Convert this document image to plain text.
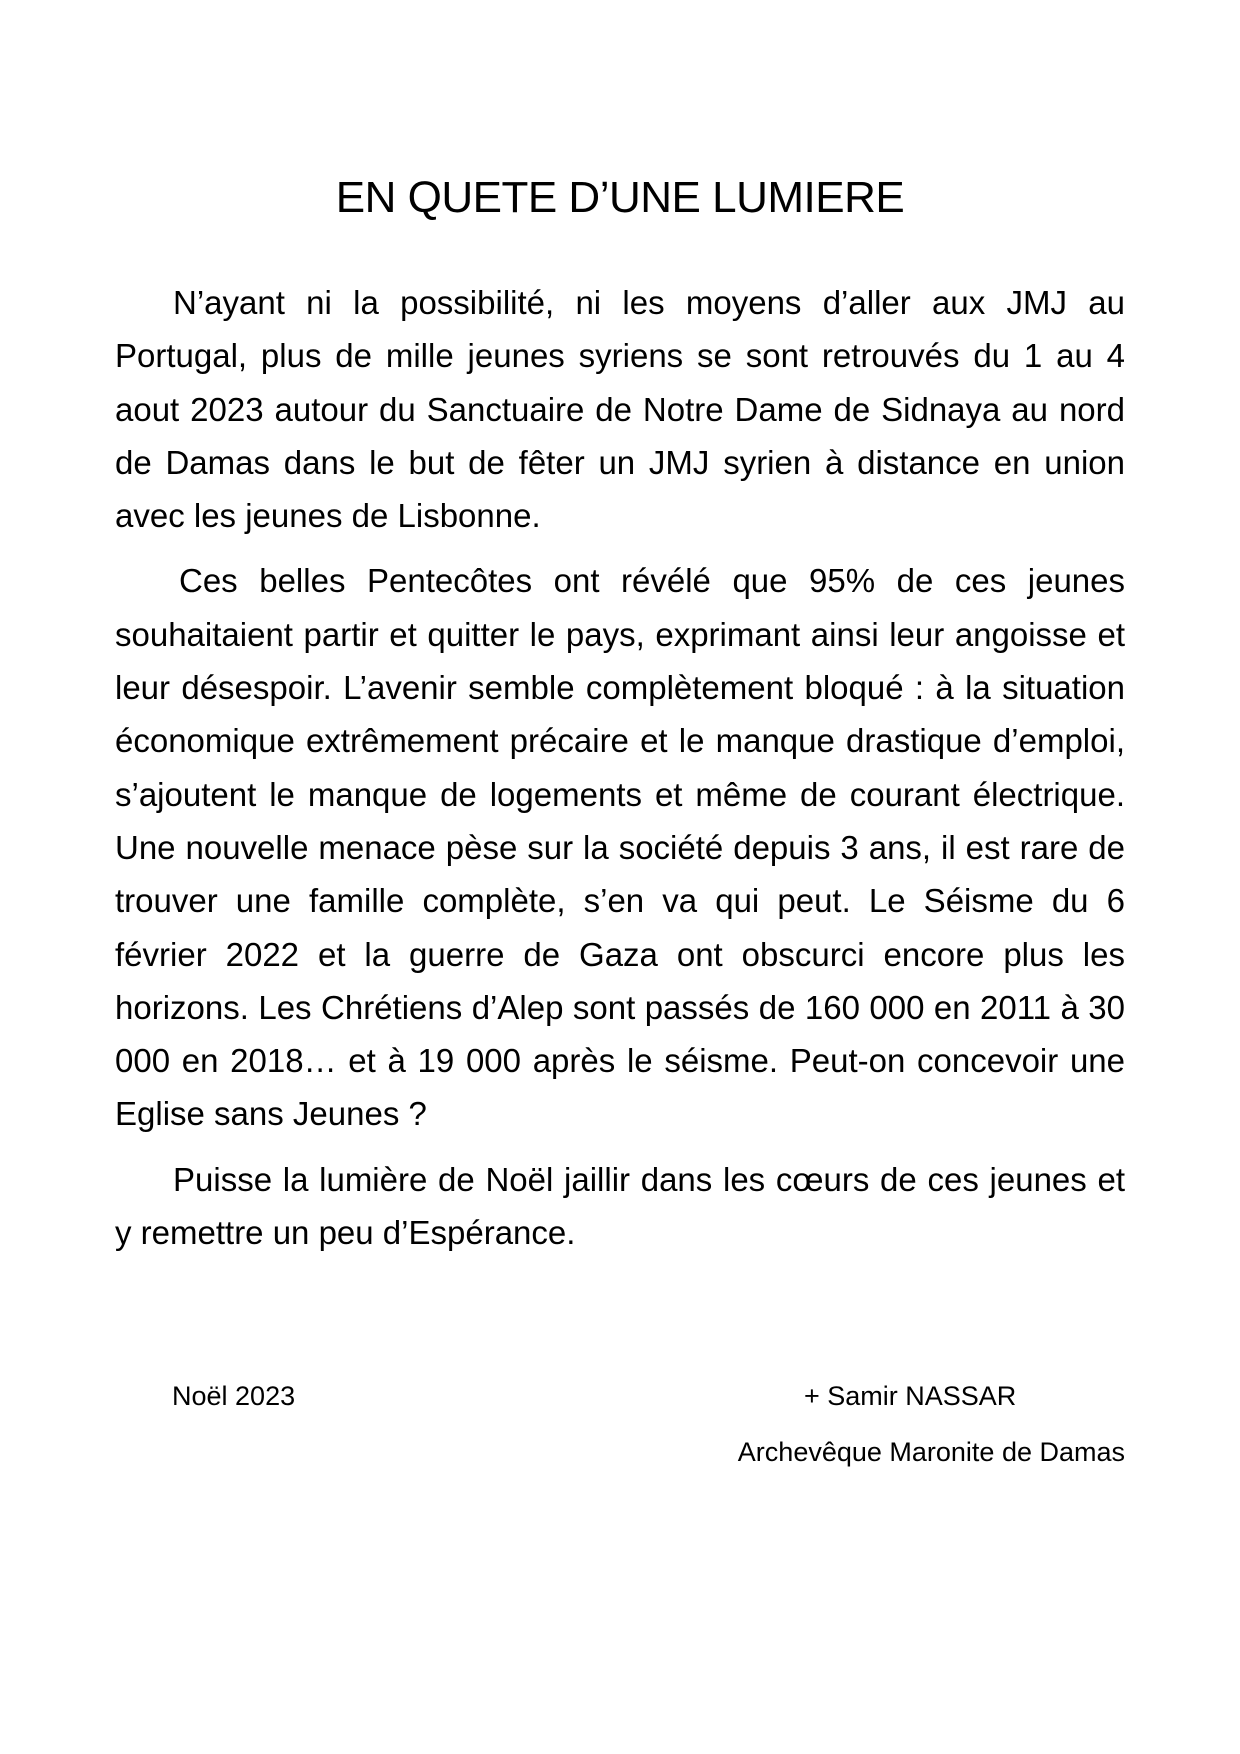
EN QUETE D’UNE LUMIERE

N’ayant ni la possibilité, ni les moyens d’aller aux JMJ au Portugal, plus de mille jeunes syriens se sont retrouvés du 1 au 4 aout 2023 autour du Sanctuaire de Notre Dame de Sidnaya au nord de Damas dans le but de fêter un JMJ syrien à distance en union avec les jeunes de Lisbonne.

Ces belles Pentecôtes ont révélé que 95% de ces jeunes souhaitaient partir et quitter le pays, exprimant ainsi leur angoisse et leur désespoir. L’avenir semble complètement bloqué : à la situation économique extrêmement précaire et le manque drastique d’emploi, s’ajoutent le manque de logements et même de courant électrique. Une nouvelle menace pèse sur la société depuis 3 ans, il est rare de trouver une famille complète, s’en va qui peut. Le Séisme du 6 février 2022 et la guerre de Gaza ont obscurci encore plus les horizons. Les Chrétiens d’Alep sont passés de 160 000 en 2011 à 30 000 en 2018… et à 19 000 après le séisme. Peut-on concevoir une Eglise sans Jeunes ?

Puisse la lumière de Noël jaillir dans les cœurs de ces jeunes et y remettre un peu d’Espérance.

Noël 2023	+ Samir NASSAR
Archevêque Maronite de Damas
